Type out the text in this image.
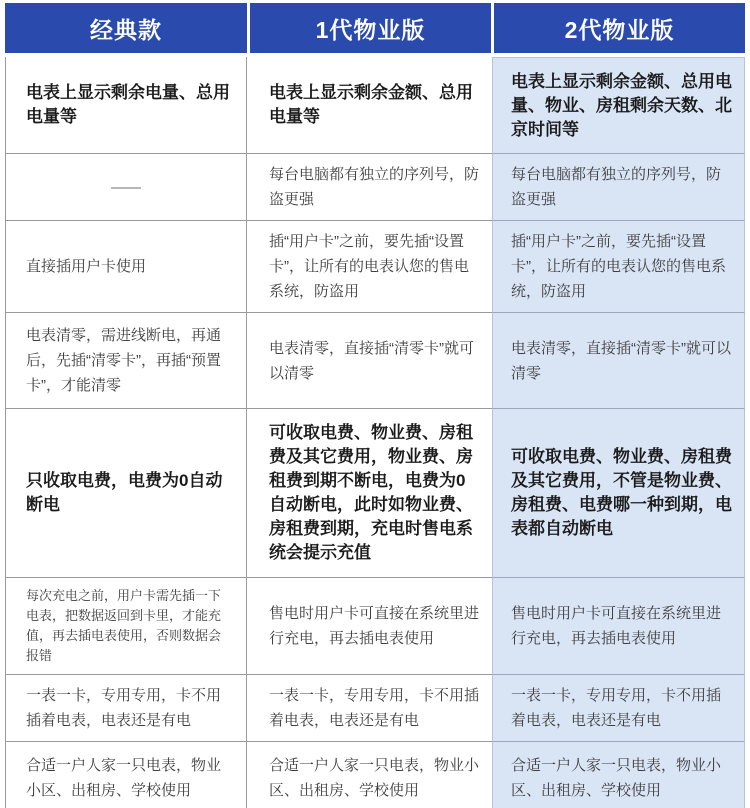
经典款	1代物业版	2代物业版
电表上显示剩余电量、总用电量等
电表上显示剩余金额、总用电量等
电表上显示剩余金额、总用电量、物业、房租剩余天数、北京时间等
——
每台电脑都有独立的序列号，防盗更强
每台电脑都有独立的序列号，防盗更强
直接插用户卡使用
插“用户卡”之前，要先插“设置卡”，让所有的电表认您的售电系统，防盗用
插“用户卡”之前，要先插“设置卡”，让所有的电表认您的售电系统，防盗用
电表清零，需进线断电，再通后，先插“清零卡”，再插“预置卡”，才能清零
电表清零，直接插“清零卡”就可以清零
电表清零，直接插“清零卡”就可以清零
只收取电费，电费为0自动断电
可收取电费、物业费、房租费及其它费用，物业费、房租费到期不断电，电费为0自动断电，此时如物业费、房租费到期，充电时售电系统会提示充值
可收取电费、物业费、房租费及其它费用，不管是物业费、房租费、电费哪一种到期，电表都自动断电
每次充电之前，用户卡需先插一下电表，把数据返回到卡里，才能充值，再去插电表使用，否则数据会报错
售电时用户卡可直接在系统里进行充电，再去插电表使用
售电时用户卡可直接在系统里进行充电，再去插电表使用
一表一卡，专用专用，卡不用插着电表，电表还是有电
一表一卡，专用专用，卡不用插着电表，电表还是有电
一表一卡，专用专用，卡不用插着电表，电表还是有电
合适一户人家一只电表，物业小区、出租房、学校使用
合适一户人家一只电表，物业小区、出租房、学校使用
合适一户人家一只电表，物业小区、出租房、学校使用
